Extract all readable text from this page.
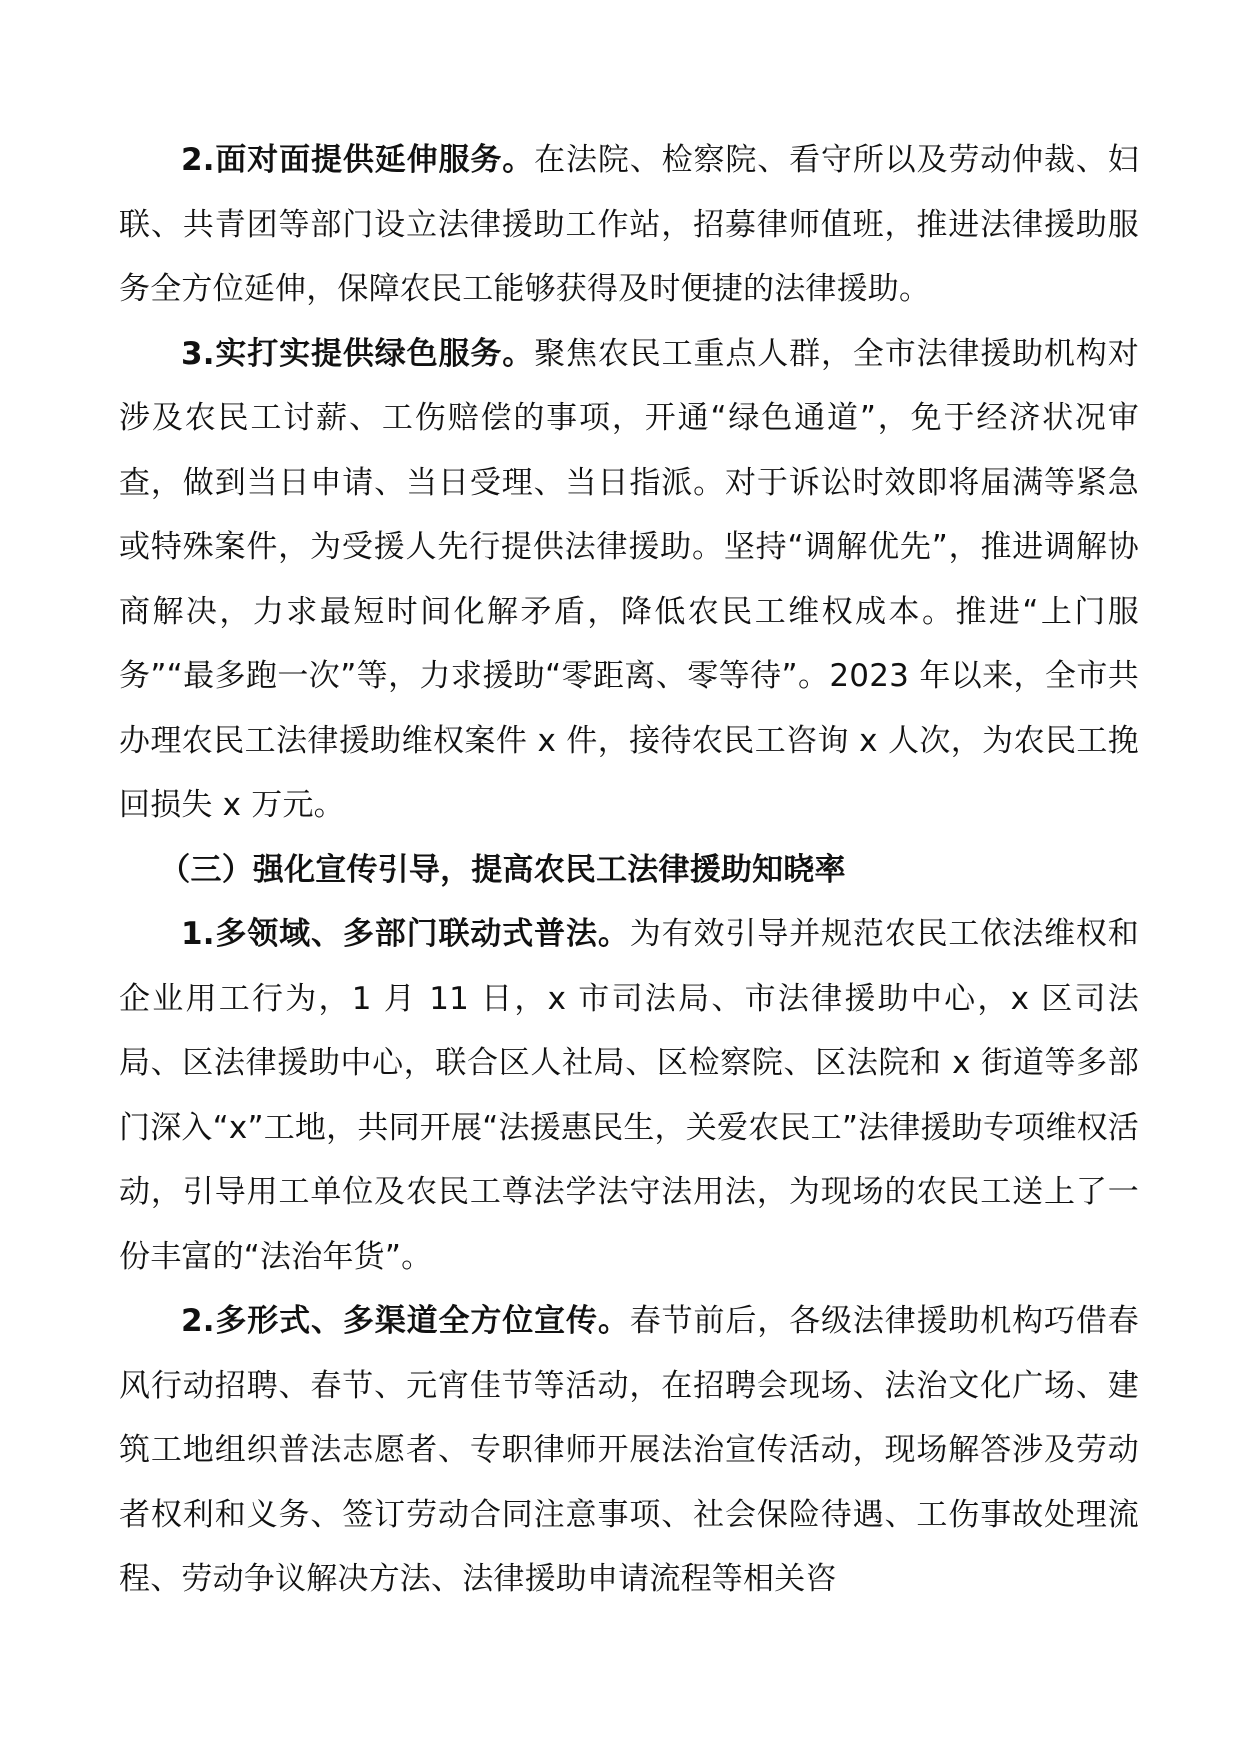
2.面对面提供延伸服务。在法院、检察院、看守所以及劳动仲裁、妇联、共青团等部门设立法律援助工作站，招募律师值班，推进法律援助服务全方位延伸，保障农民工能够获得及时便捷的法律援助。

3.实打实提供绿色服务。聚焦农民工重点人群，全市法律援助机构对涉及农民工讨薪、工伤赔偿的事项，开通“绿色通道”，免于经济状况审查，做到当日申请、当日受理、当日指派。对于诉讼时效即将届满等紧急或特殊案件，为受援人先行提供法律援助。坚持“调解优先”，推进调解协商解决，力求最短时间化解矛盾，降低农民工维权成本。推进“上门服务”“最多跑一次”等，力求援助“零距离、零等待”。2023 年以来，全市共办理农民工法律援助维权案件 x 件，接待农民工咨询 x 人次，为农民工挽回损失 x 万元。

（三）强化宣传引导，提高农民工法律援助知晓率

1.多领域、多部门联动式普法。为有效引导并规范农民工依法维权和企业用工行为，1 月 11 日，x 市司法局、市法律援助中心，x 区司法局、区法律援助中心，联合区人社局、区检察院、区法院和 x 街道等多部门深入“x”工地，共同开展“法援惠民生，关爱农民工”法律援助专项维权活动，引导用工单位及农民工尊法学法守法用法，为现场的农民工送上了一份丰富的“法治年货”。

2.多形式、多渠道全方位宣传。春节前后，各级法律援助机构巧借春风行动招聘、春节、元宵佳节等活动，在招聘会现场、法治文化广场、建筑工地组织普法志愿者、专职律师开展法治宣传活动，现场解答涉及劳动者权利和义务、签订劳动合同注意事项、社会保险待遇、工伤事故处理流程、劳动争议解决方法、法律援助申请流程等相关咨
